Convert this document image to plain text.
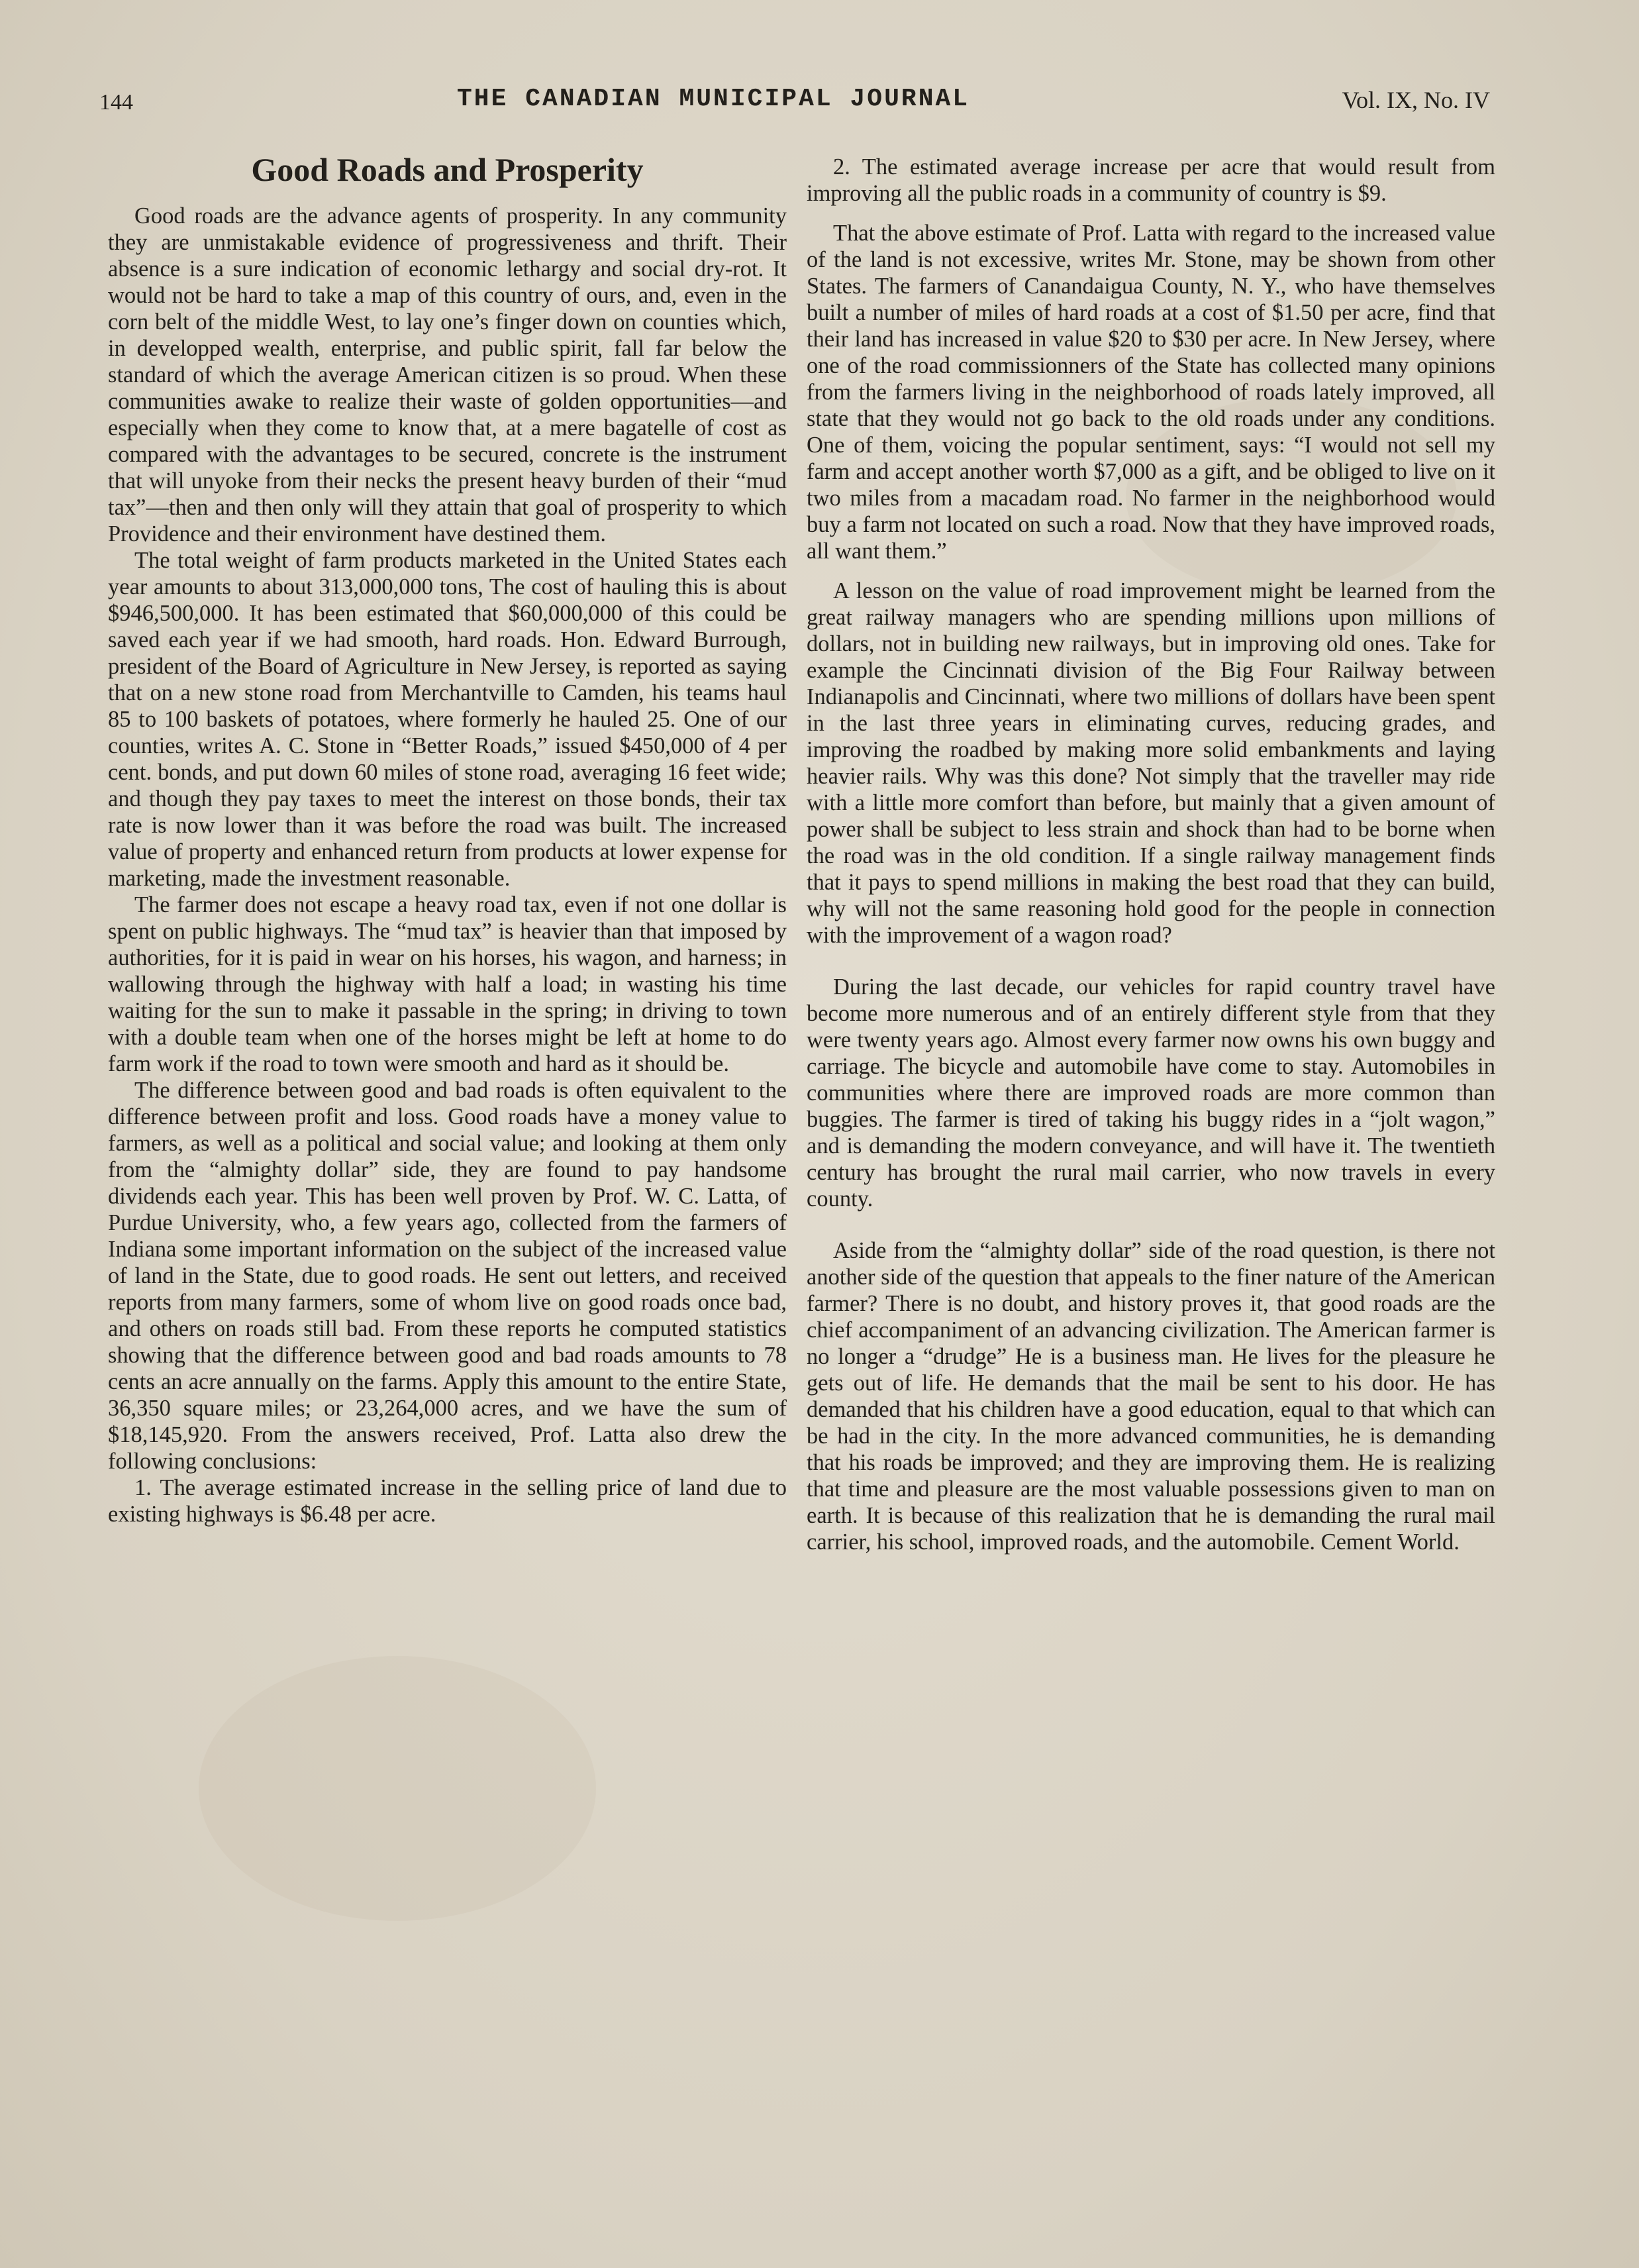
144	THE CANADIAN MUNICIPAL JOURNAL	Vol. IX, No. IV
Good Roads and Prosperity

Good roads are the advance agents of prosperity. In any community they are unmistakable evidence of progressiveness and thrift. Their absence is a sure indication of economic lethargy and social dry-rot. It would not be hard to take a map of this country of ours, and, even in the corn belt of the middle West, to lay one’s finger down on counties which, in developped wealth, enterprise, and public spirit, fall far below the standard of which the average American citizen is so proud. When these communities awake to realize their waste of golden opportunities—and especially when they come to know that, at a mere bagatelle of cost as compared with the advantages to be secured, concrete is the instrument that will unyoke from their necks the present heavy burden of their “mud tax”—then and then only will they attain that goal of prosperity to which Providence and their environment have destined them.

The total weight of farm products marketed in the United States each year amounts to about 313,000,000 tons, The cost of hauling this is about $946,500,000. It has been estimated that $60,000,000 of this could be saved each year if we had smooth, hard roads. Hon. Edward Burrough, president of the Board of Agriculture in New Jersey, is reported as saying that on a new stone road from Merchantville to Camden, his teams haul 85 to 100 baskets of potatoes, where formerly he hauled 25. One of our counties, writes A. C. Stone in “Better Roads,” issued $450,000 of 4 per cent. bonds, and put down 60 miles of stone road, averaging 16 feet wide; and though they pay taxes to meet the interest on those bonds, their tax rate is now lower than it was before the road was built. The increased value of property and enhanced return from products at lower expense for marketing, made the investment reasonable.

The farmer does not escape a heavy road tax, even if not one dollar is spent on public highways. The “mud tax” is heavier than that imposed by authorities, for it is paid in wear on his horses, his wagon, and harness; in wallowing through the highway with half a load; in wasting his time waiting for the sun to make it passable in the spring; in driving to town with a double team when one of the horses might be left at home to do farm work if the road to town were smooth and hard as it should be.

The difference between good and bad roads is often equivalent to the difference between profit and loss. Good roads have a money value to farmers, as well as a political and social value; and looking at them only from the “almighty dollar” side, they are found to pay handsome dividends each year. This has been well proven by Prof. W. C. Latta, of Purdue University, who, a few years ago, collected from the farmers of Indiana some important information on the subject of the increased value of land in the State, due to good roads. He sent out letters, and received reports from many farmers, some of whom live on good roads once bad, and others on roads still bad. From these reports he computed statistics showing that the difference between good and bad roads amounts to 78 cents an acre annually on the farms. Apply this amount to the entire State, 36,350 square miles; or 23,264,000 acres, and we have the sum of $18,145,920. From the answers received, Prof. Latta also drew the following conclusions:

1. The average estimated increase in the selling price of land due to existing highways is $6.48 per acre.

2. The estimated average increase per acre that would result from improving all the public roads in a community of country is $9.

That the above estimate of Prof. Latta with regard to the increased value of the land is not excessive, writes Mr. Stone, may be shown from other States. The farmers of Canandaigua County, N. Y., who have themselves built a number of miles of hard roads at a cost of $1.50 per acre, find that their land has increased in value $20 to $30 per acre. In New Jersey, where one of the road commissionners of the State has collected many opinions from the farmers living in the neighborhood of roads lately improved, all state that they would not go back to the old roads under any conditions. One of them, voicing the popular sentiment, says: “I would not sell my farm and accept another worth $7,000 as a gift, and be obliged to live on it two miles from a macadam road. No farmer in the neighborhood would buy a farm not located on such a road. Now that they have improved roads, all want them.”

A lesson on the value of road improvement might be learned from the great railway managers who are spending millions upon millions of dollars, not in building new railways, but in improving old ones. Take for example the Cincinnati division of the Big Four Railway between Indianapolis and Cincinnati, where two millions of dollars have been spent in the last three years in eliminating curves, reducing grades, and improving the roadbed by making more solid embankments and laying heavier rails. Why was this done? Not simply that the traveller may ride with a little more comfort than before, but mainly that a given amount of power shall be subject to less strain and shock than had to be borne when the road was in the old condition. If a single railway management finds that it pays to spend millions in making the best road that they can build, why will not the same reasoning hold good for the people in connection with the improvement of a wagon road?

During the last decade, our vehicles for rapid country travel have become more numerous and of an entirely different style from that they were twenty years ago. Almost every farmer now owns his own buggy and carriage. The bicycle and automobile have come to stay. Automobiles in communities where there are improved roads are more common than buggies. The farmer is tired of taking his buggy rides in a “jolt wagon,” and is demanding the modern conveyance, and will have it. The twentieth century has brought the rural mail carrier, who now travels in every county.

Aside from the “almighty dollar” side of the road question, is there not another side of the question that appeals to the finer nature of the American farmer? There is no doubt, and history proves it, that good roads are the chief accompaniment of an advancing civilization. The American farmer is no longer a “drudge” He is a business man. He lives for the pleasure he gets out of life. He demands that the mail be sent to his door. He has demanded that his children have a good education, equal to that which can be had in the city. In the more advanced communities, he is demanding that his roads be improved; and they are improving them. He is realizing that time and pleasure are the most valuable possessions given to man on earth. It is because of this realization that he is demanding the rural mail carrier, his school, improved roads, and the automobile. Cement World.
